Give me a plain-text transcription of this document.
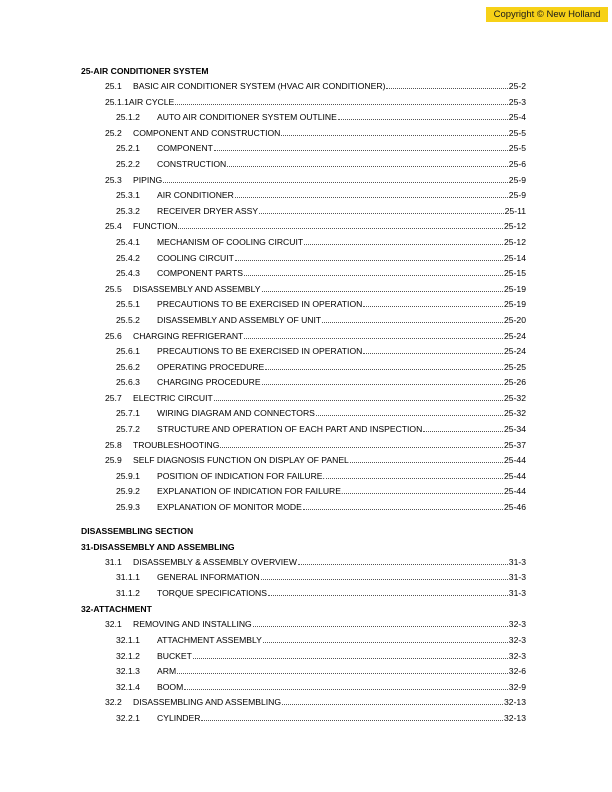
Copyright © New Holland
25-AIR CONDITIONER SYSTEM
25.1	BASIC AIR CONDITIONER SYSTEM (HVAC AIR CONDITIONER)	25-2
25.1.1 AIR CYCLE	25-3
25.1.2	AUTO AIR CONDITIONER SYSTEM OUTLINE	25-4
25.2	COMPONENT AND CONSTRUCTION	25-5
25.2.1	COMPONENT	25-5
25.2.2	CONSTRUCTION	25-6
25.3	PIPING	25-9
25.3.1	AIR CONDITIONER	25-9
25.3.2	RECEIVER DRYER ASSY	25-11
25.4	FUNCTION	25-12
25.4.1	MECHANISM OF COOLING CIRCUIT	25-12
25.4.2	COOLING CIRCUIT	25-14
25.4.3	COMPONENT PARTS	25-15
25.5	DISASSEMBLY AND ASSEMBLY	25-19
25.5.1	PRECAUTIONS TO BE EXERCISED IN OPERATION	25-19
25.5.2	DISASSEMBLY AND ASSEMBLY OF UNIT	25-20
25.6	CHARGING REFRIGERANT	25-24
25.6.1	PRECAUTIONS TO BE EXERCISED IN OPERATION	25-24
25.6.2	OPERATING PROCEDURE	25-25
25.6.3	CHARGING PROCEDURE	25-26
25.7	ELECTRIC CIRCUIT	25-32
25.7.1	WIRING DIAGRAM AND CONNECTORS	25-32
25.7.2	STRUCTURE AND OPERATION OF EACH PART AND INSPECTION	25-34
25.8	TROUBLESHOOTING	25-37
25.9	SELF DIAGNOSIS FUNCTION ON DISPLAY OF PANEL	25-44
25.9.1	POSITION OF INDICATION FOR FAILURE.	25-44
25.9.2	EXPLANATION OF INDICATION FOR FAILURE.	25-44
25.9.3	EXPLANATION OF MONITOR MODE	25-46
DISASSEMBLING SECTION
31-DISASSEMBLY AND ASSEMBLING
31.1	DISASSEMBLY & ASSEMBLY OVERVIEW	31-3
31.1.1	GENERAL INFORMATION	31-3
31.1.2	TORQUE SPECIFICATIONS	31-3
32-ATTACHMENT
32.1	REMOVING AND INSTALLING	32-3
32.1.1	ATTACHMENT ASSEMBLY	32-3
32.1.2	BUCKET	32-3
32.1.3	ARM	32-6
32.1.4	BOOM	32-9
32.2	DISASSEMBLING AND ASSEMBLING	32-13
32.2.1	CYLINDER	32-13
